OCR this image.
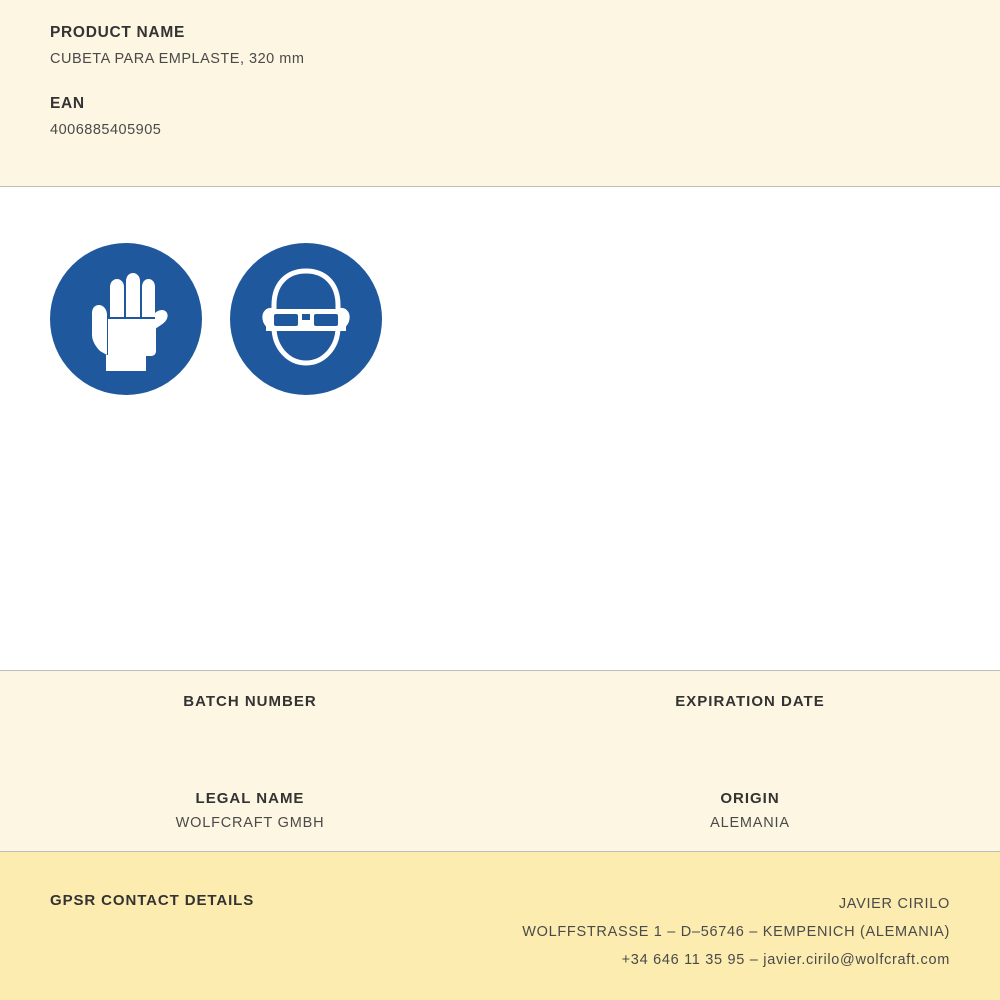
PRODUCT NAME

CUBETA PARA EMPLASTE, 320 mm

EAN

4006885405905

BATCH NUMBER	EXPIRATION DATE

LEGAL NAME

WOLFCRAFT GMBH

ORIGIN

ALEMANIA

GPSR CONTACT DETAILS	JAVIER CIRILO
WOLFFSTRASSE 1 – D–56746 – KEMPENICH (ALEMANIA)
+34 646 11 35 95 – javier.cirilo@wolfcraft.com
